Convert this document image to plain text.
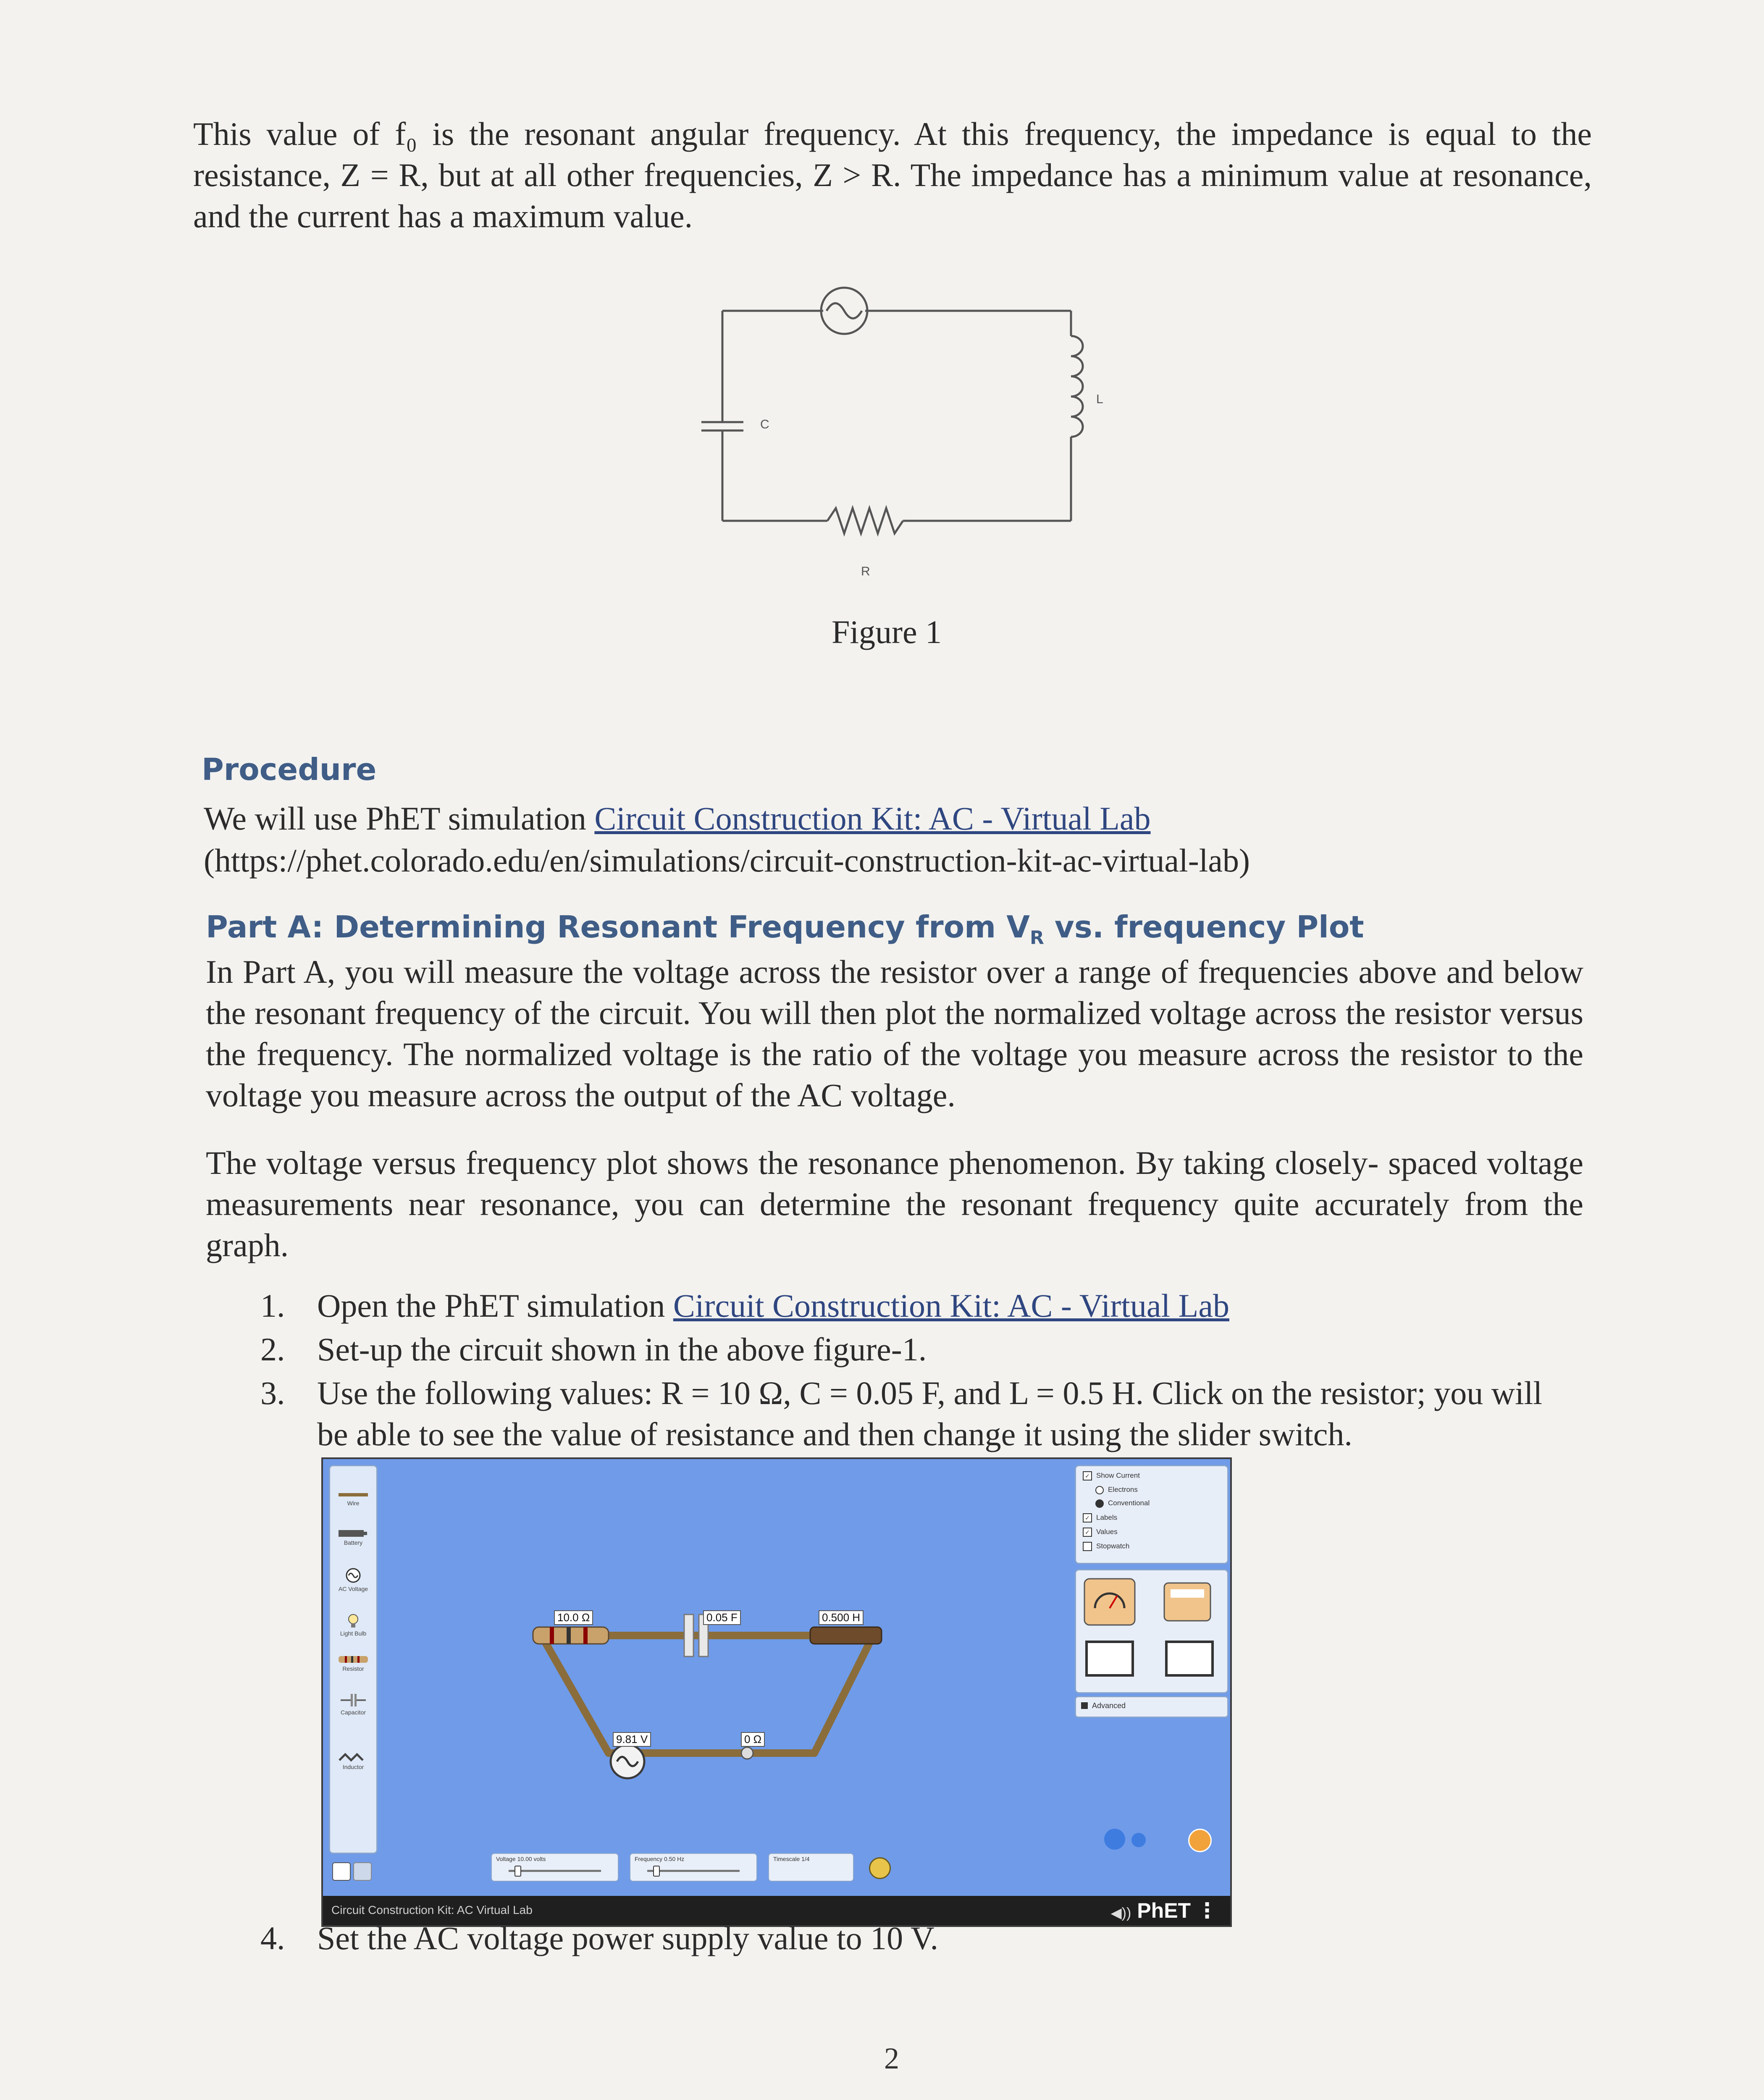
This value of f₀ is the resonant angular frequency. At this frequency, the impedance is equal to the resistance, Z = R, but at all other frequencies, Z > R. The impedance has a minimum value at resonance, and the current has a maximum value.

C
L
R
Figure 1
Procedure

We will use PhET simulation Circuit Construction Kit: AC - Virtual Lab

(https://phet.colorado.edu/en/simulations/circuit-construction-kit-ac-virtual-lab)

Part A: Determining Resonant Frequency from $V_R$ vs. frequency Plot

In Part A, you will measure the voltage across the resistor over a range of frequencies above and below the resonant frequency of the circuit. You will then plot the normalized voltage across the resistor versus the frequency. The normalized voltage is the ratio of the voltage you measure across the resistor to the voltage you measure across the output of the AC voltage.

The voltage versus frequency plot shows the resonance phenomenon. By taking closely- spaced voltage measurements near resonance, you can determine the resonant frequency quite accurately from the graph.

1. Open the PhET simulation Circuit Construction Kit: AC - Virtual Lab
2. Set-up the circuit shown in the above figure-1.
3. Use the following values: R = 10 Ω, C = 0.05 F, and L = 0.5 H. Click on the resistor; you will be able to see the value of resistance and then change it using the slider switch.
Wire
Battery
AC Voltage
Light Bulb
Resistor
Capacitor
Inductor
10.0 Ω	0.05 F	0.500 H
9.81 V	0 Ω
✓ Show Current
Electrons
Conventional
✓ Labels
✓ Values
Stopwatch
Advanced
Voltage 10.00 volts	Frequency 0.50 Hz	Timescale 1/4
Circuit Construction Kit: AC Virtual Lab	◀)) PhET ⋮
4. Set the AC voltage power supply value to 10 V.
2
